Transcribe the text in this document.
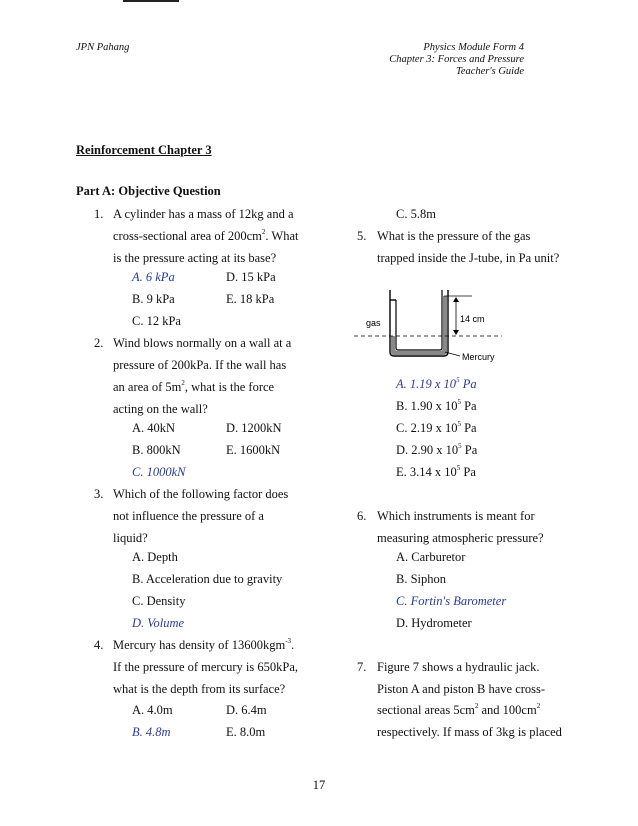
JPN Pahang	Physics Module Form 4
Chapter 3: Forces and Pressure
Teacher's Guide
Reinforcement Chapter 3
Part A: Objective Question
1. A cylinder has a mass of 12kg and a
cross-sectional area of $200cm^2$. What
is the pressure acting at its base?
A. 6 kPa	D. 15 kPa
B. 9 kPa	E. 18 kPa
C. 12 kPa
2. Wind blows normally on a wall at a
pressure of 200kPa. If the wall has
an area of $5m^2$, what is the force
acting on the wall?
A. 40kN	D. 1200kN
B. 800kN	E. 1600kN
C. 1000kN
3. Which of the following factor does
not influence the pressure of a
liquid?
A. Depth
B. Acceleration due to gravity
C. Density
D. Volume
4. Mercury has density of 13600kgm$^{-3}$.
If the pressure of mercury is 650kPa,
what is the depth from its surface?
A. 4.0m	D. 6.4m
B. 4.8m	E. 8.0m
C. 5.8m
5. What is the pressure of the gas
trapped inside the J-tube, in Pa unit?
gas	14 cm
Mercury
A. 1.19 x $10^5$ Pa
B. 1.90 x $10^5$ Pa
C. 2.19 x $10^5$ Pa
D. 2.90 x $10^5$ Pa
E. 3.14 x $10^5$ Pa
6. Which instruments is meant for
measuring atmospheric pressure?
A. Carburetor
B. Siphon
C. Fortin's Barometer
D. Hydrometer
7. Figure 7 shows a hydraulic jack.
Piston A and piston B have cross-
sectional areas $5cm^2$ and $100cm^2$
respectively. If mass of 3kg is placed
17
